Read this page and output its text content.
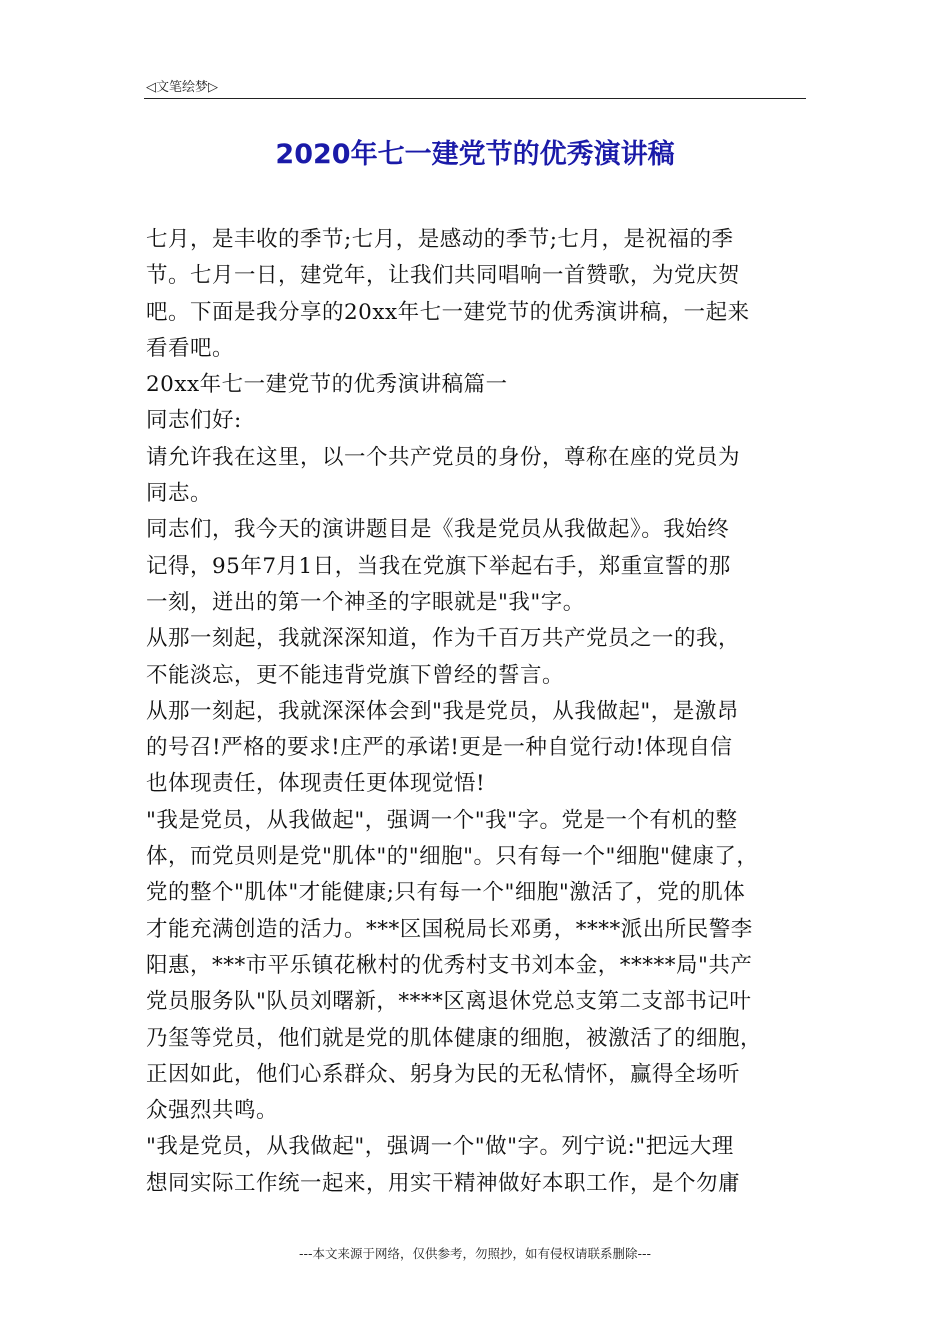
◁文笔绘梦▷
2020年七一建党节的优秀演讲稿
七月，是丰收的季节;七月，是感动的季节;七月，是祝福的季
节。七月一日，建党年，让我们共同唱响一首赞歌，为党庆贺
吧。下面是我分享的20xx年七一建党节的优秀演讲稿，一起来
看看吧。
20xx年七一建党节的优秀演讲稿篇一
同志们好:
请允许我在这里，以一个共产党员的身份，尊称在座的党员为
同志。
同志们，我今天的演讲题目是《我是党员从我做起》。我始终
记得，95年7月1日，当我在党旗下举起右手，郑重宣誓的那
一刻，迸出的第一个神圣的字眼就是"我"字。
从那一刻起，我就深深知道，作为千百万共产党员之一的我，
不能淡忘，更不能违背党旗下曾经的誓言。
从那一刻起，我就深深体会到"我是党员，从我做起"，是激昂
的号召!严格的要求!庄严的承诺!更是一种自觉行动!体现自信
也体现责任，体现责任更体现觉悟!
"我是党员，从我做起"，强调一个"我"字。党是一个有机的整
体，而党员则是党"肌体"的"细胞"。只有每一个"细胞"健康了，
党的整个"肌体"才能健康;只有每一个"细胞"激活了，党的肌体
才能充满创造的活力。***区国税局长邓勇，****派出所民警李
阳惠，***市平乐镇花楸村的优秀村支书刘本金，*****局"共产
党员服务队"队员刘曙新，****区离退休党总支第二支部书记叶
乃玺等党员，他们就是党的肌体健康的细胞，被激活了的细胞，
正因如此，他们心系群众、躬身为民的无私情怀，赢得全场听
众强烈共鸣。
"我是党员，从我做起"，强调一个"做"字。列宁说:"把远大理
想同实际工作统一起来，用实干精神做好本职工作，是个勿庸
---本文来源于网络，仅供参考，勿照抄，如有侵权请联系删除---
